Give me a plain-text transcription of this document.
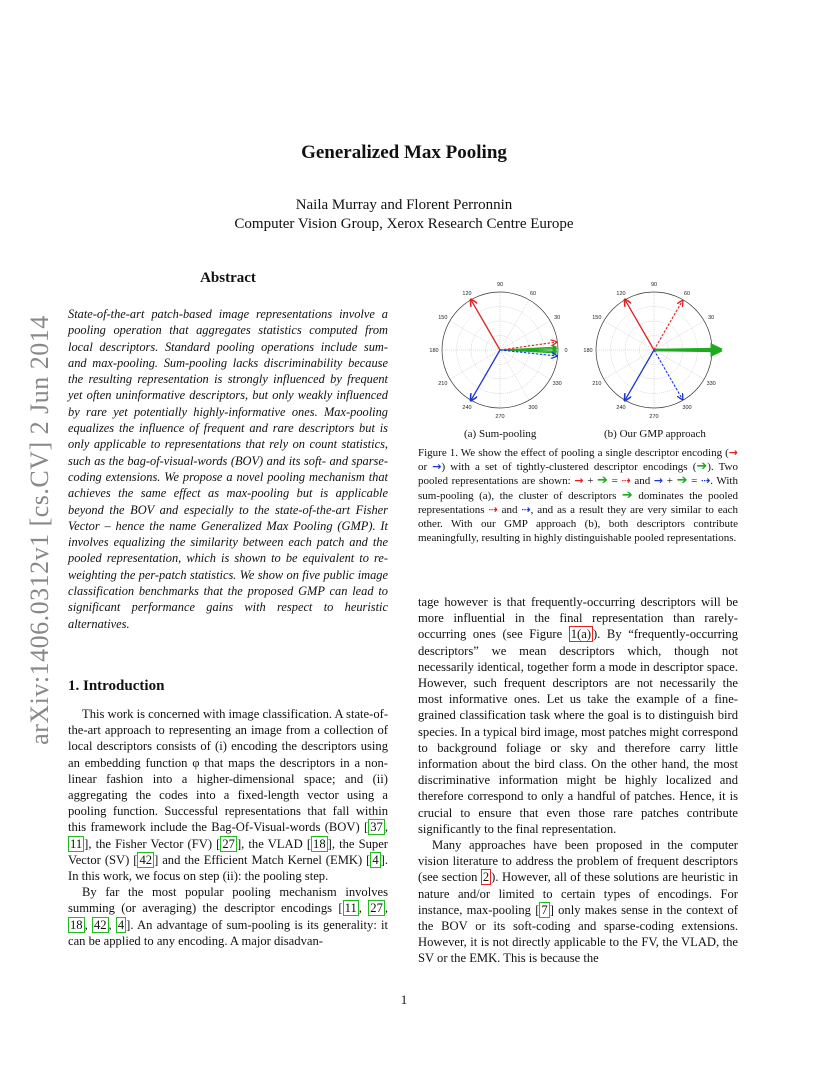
Generalized Max Pooling
Naila Murray and Florent Perronnin
Computer Vision Group, Xerox Research Centre Europe
arXiv:1406.0312v1 [cs.CV] 2 Jun 2014
Abstract
State-of-the-art patch-based image representations involve a pooling operation that aggregates statistics computed from local descriptors. Standard pooling operations include sum- and max-pooling. Sum-pooling lacks discriminability because the resulting representation is strongly influenced by frequent yet often uninformative descriptors, but only weakly influenced by rare yet potentially highly-informative ones. Max-pooling equalizes the influence of frequent and rare descriptors but is only applicable to representations that rely on count statistics, such as the bag-of-visual-words (BOV) and its soft- and sparse-coding extensions. We propose a novel pooling mechanism that achieves the same effect as max-pooling but is applicable beyond the BOV and especially to the state-of-the-art Fisher Vector – hence the name Generalized Max Pooling (GMP). It involves equalizing the similarity between each patch and the pooled representation, which is shown to be equivalent to re-weighting the per-patch statistics. We show on five public image classification benchmarks that the proposed GMP can lead to significant performance gains with respect to heuristic alternatives.
1. Introduction

This work is concerned with image classification. A state-of-the-art approach to representing an image from a collection of local descriptors consists of (i) encoding the descriptors using an embedding function φ that maps the descriptors in a non-linear fashion into a higher-dimensional space; and (ii) aggregating the codes into a fixed-length vector using a pooling function. Successful representations that fall within this framework include the Bag-Of-Visual-words (BOV) [ 37 , 11 ], the Fisher Vector (FV) [ 27 ], the VLAD [ 18 ], the Super Vector (SV) [ 42 ] and the Efficient Match Kernel (EMK) [ 4 ]. In this work, we focus on step (ii): the pooling step.

By far the most popular pooling mechanism involves summing (or averaging) the descriptor encodings [ 11 , 27 , 18 , 42 , 4 ]. An advantage of sum-pooling is its generality: it can be applied to any encoding. A major disadvan-

90
60
30
0
330
300
270
240
210
180
150
120
90
60
30
0
330
300
270
240
210
180
150
120
(a) Sum-pooling	(b) Our GMP approach
Figure 1. We show the effect of pooling a single descriptor encoding (→ or →) with a set of tightly-clustered descriptor encodings (➔). Two pooled representations are shown: → + ➔ = ⇢ and → + ➔ = ⇢. With sum-pooling (a), the cluster of descriptors ➔ dominates the pooled representations ⇢ and ⇢, and as a result they are very similar to each other. With our GMP approach (b), both descriptors contribute meaningfully, resulting in highly distinguishable pooled representations.

tage however is that frequently-occurring descriptors will be more influential in the final representation than rarely-occurring ones (see Figure 1(a) ). By “frequently-occurring descriptors” we mean descriptors which, though not necessarily identical, together form a mode in descriptor space. However, such frequent descriptors are not necessarily the most informative ones. Let us take the example of a fine-grained classification task where the goal is to distinguish bird species. In a typical bird image, most patches might correspond to background foliage or sky and therefore carry little information about the bird class. On the other hand, the most discriminative information might be highly localized and therefore correspond to only a handful of patches. Hence, it is crucial to ensure that even those rare patches contribute significantly to the final representation.

Many approaches have been proposed in the computer vision literature to address the problem of frequent descriptors (see section 2 ). However, all of these solutions are heuristic in nature and/or limited to certain types of encodings. For instance, max-pooling [ 7 ] only makes sense in the context of the BOV or its soft-coding and sparse-coding extensions. However, it is not directly applicable to the FV, the VLAD, the SV or the EMK. This is because the

1
